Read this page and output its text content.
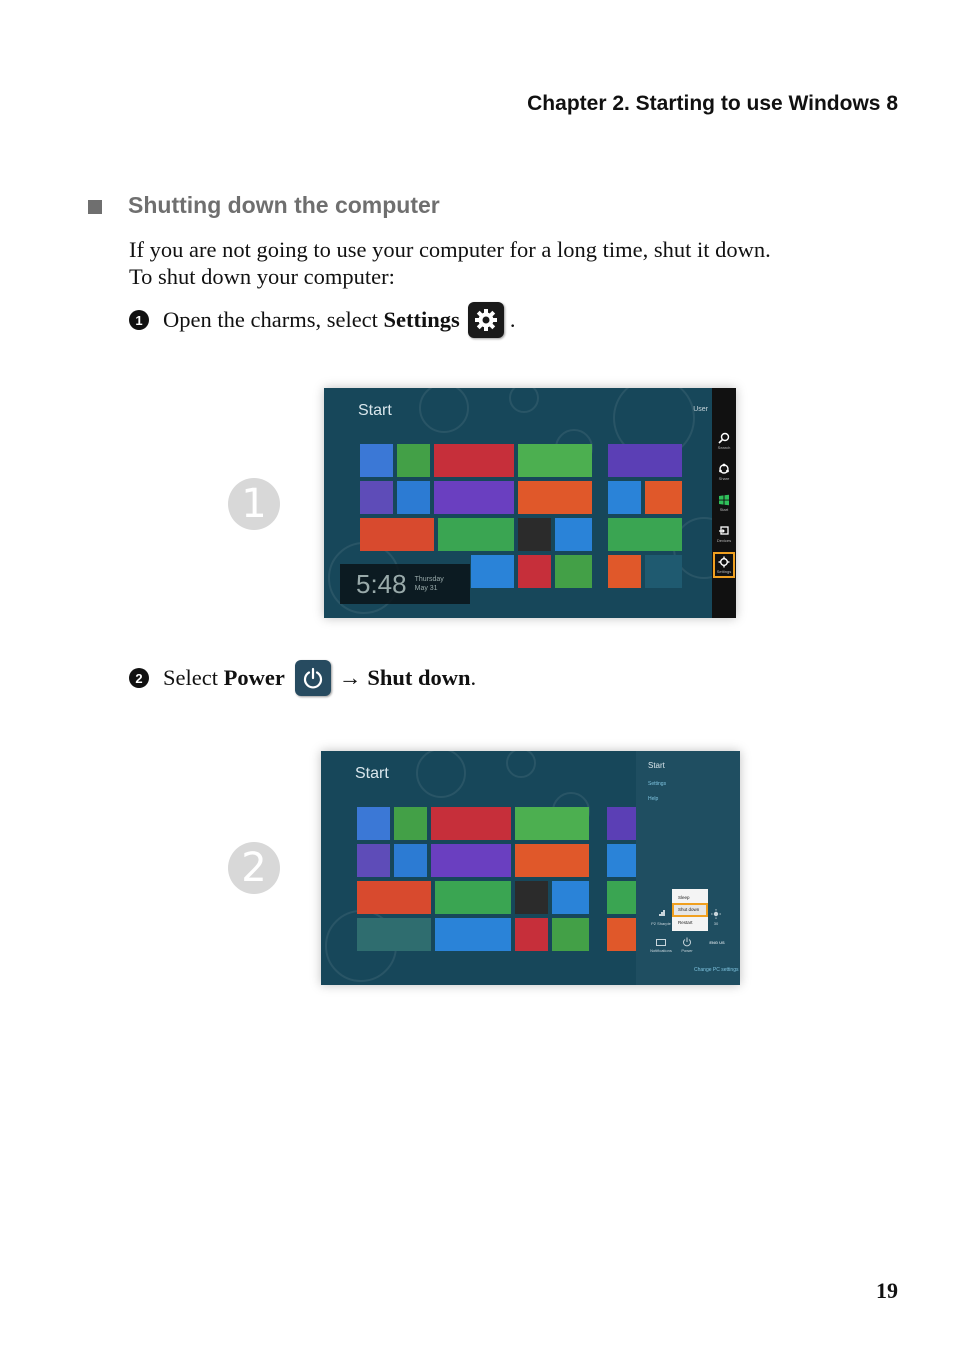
Chapter 2. Starting to use Windows 8
Shutting down the computer
If you are not going to use your computer for a long time, shut it down.
To shut down your computer:
1 Open the charms, select Settings .
1
Start	User
5:48 Thursday May 31
Search
Share
Start
Devices
Settings
2 Select Power → Shut down .
2
Start	Start
Settings
Help
Sleep
Shut down
Restart
P2 Sharpie	30
Notifications	Power
ENG US
Change PC settings
19
